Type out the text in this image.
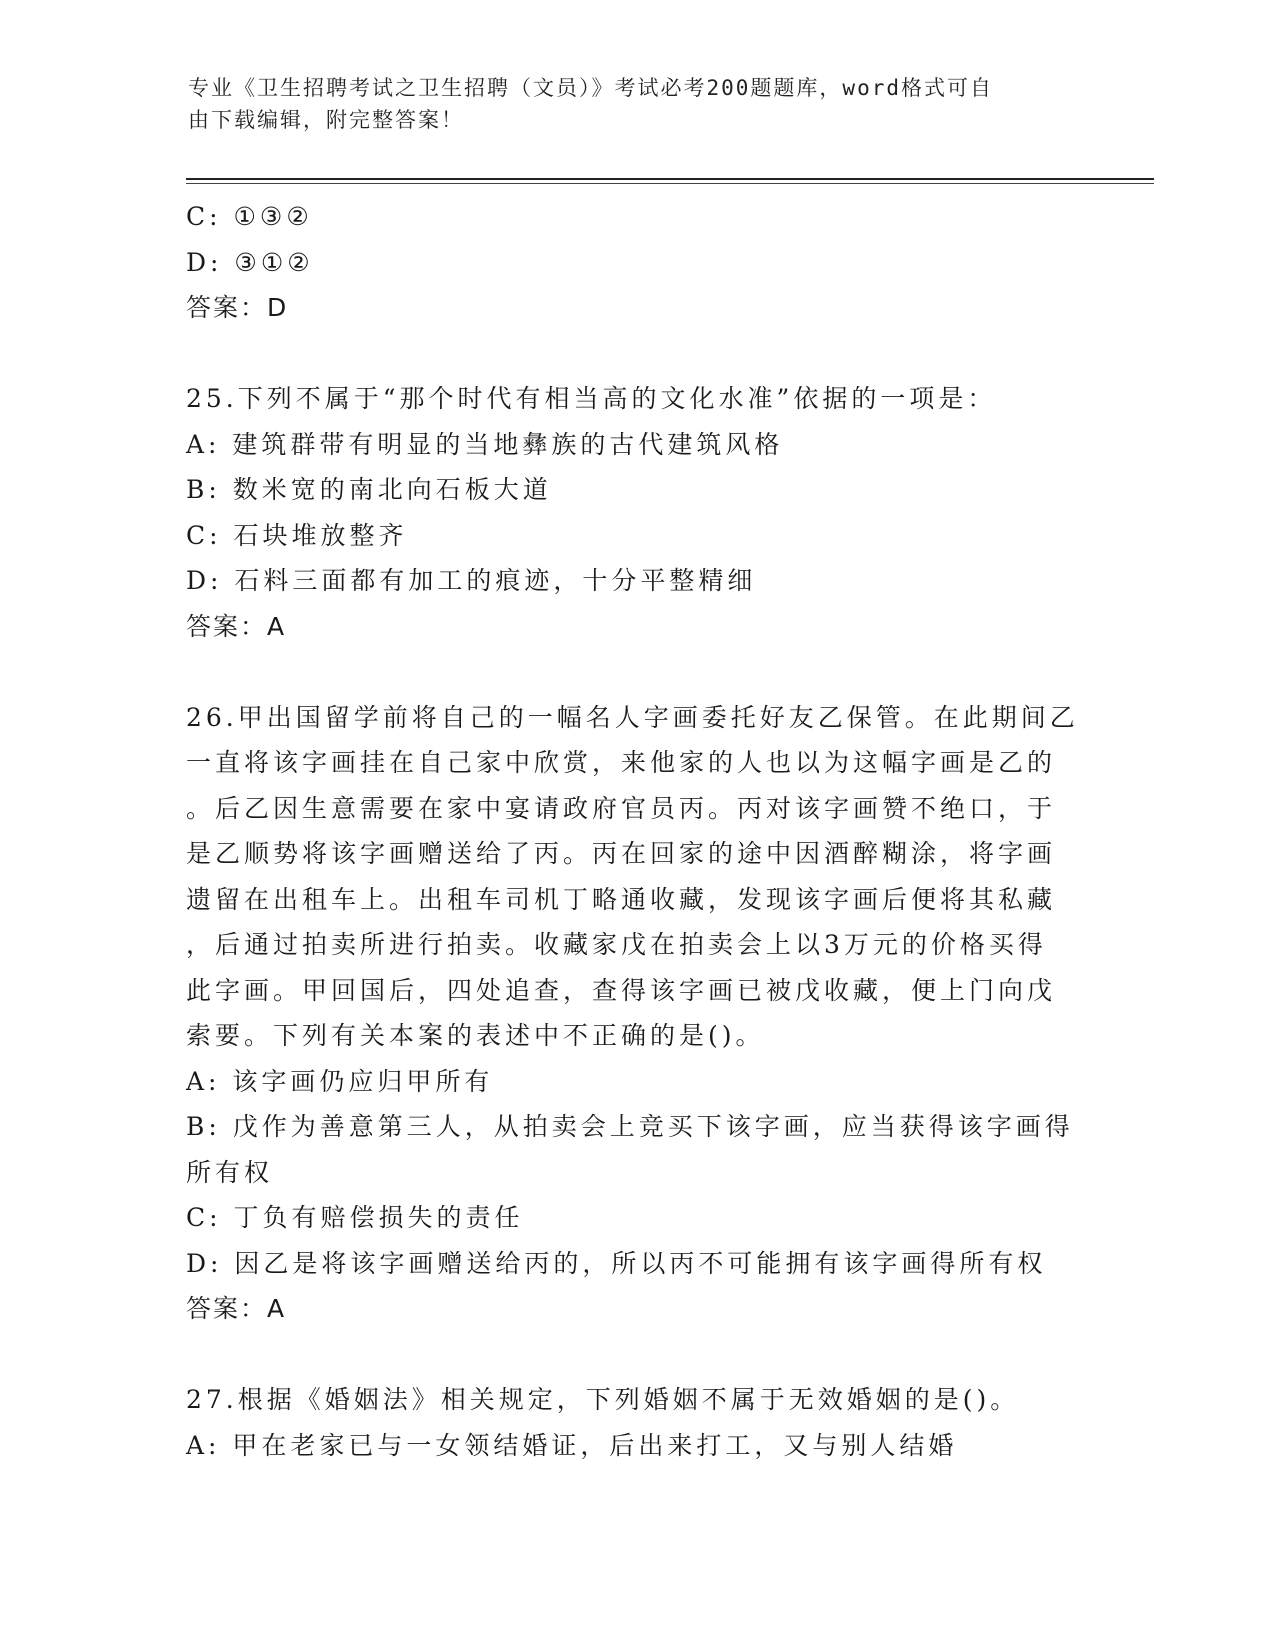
专业《卫生招聘考试之卫生招聘（文员）》考试必考200题题库，word格式可自
由下载编辑，附完整答案！
C: ①③②
D: ③①②
答案：D
25.下列不属于“那个时代有相当高的文化水准”依据的一项是：
A: 建筑群带有明显的当地彝族的古代建筑风格
B: 数米宽的南北向石板大道
C: 石块堆放整齐
D: 石料三面都有加工的痕迹，十分平整精细
答案：A
26.甲出国留学前将自己的一幅名人字画委托好友乙保管。在此期间乙
一直将该字画挂在自己家中欣赏，来他家的人也以为这幅字画是乙的
。后乙因生意需要在家中宴请政府官员丙。丙对该字画赞不绝口，于
是乙顺势将该字画赠送给了丙。丙在回家的途中因酒醉糊涂，将字画
遗留在出租车上。出租车司机丁略通收藏，发现该字画后便将其私藏
，后通过拍卖所进行拍卖。收藏家戊在拍卖会上以3万元的价格买得
此字画。甲回国后，四处追查，查得该字画已被戊收藏，便上门向戊
索要。下列有关本案的表述中不正确的是()。
A: 该字画仍应归甲所有
B: 戊作为善意第三人，从拍卖会上竞买下该字画，应当获得该字画得
所有权
C: 丁负有赔偿损失的责任
D: 因乙是将该字画赠送给丙的，所以丙不可能拥有该字画得所有权
答案：A
27.根据《婚姻法》相关规定，下列婚姻不属于无效婚姻的是()。
A: 甲在老家已与一女领结婚证，后出来打工，又与别人结婚
